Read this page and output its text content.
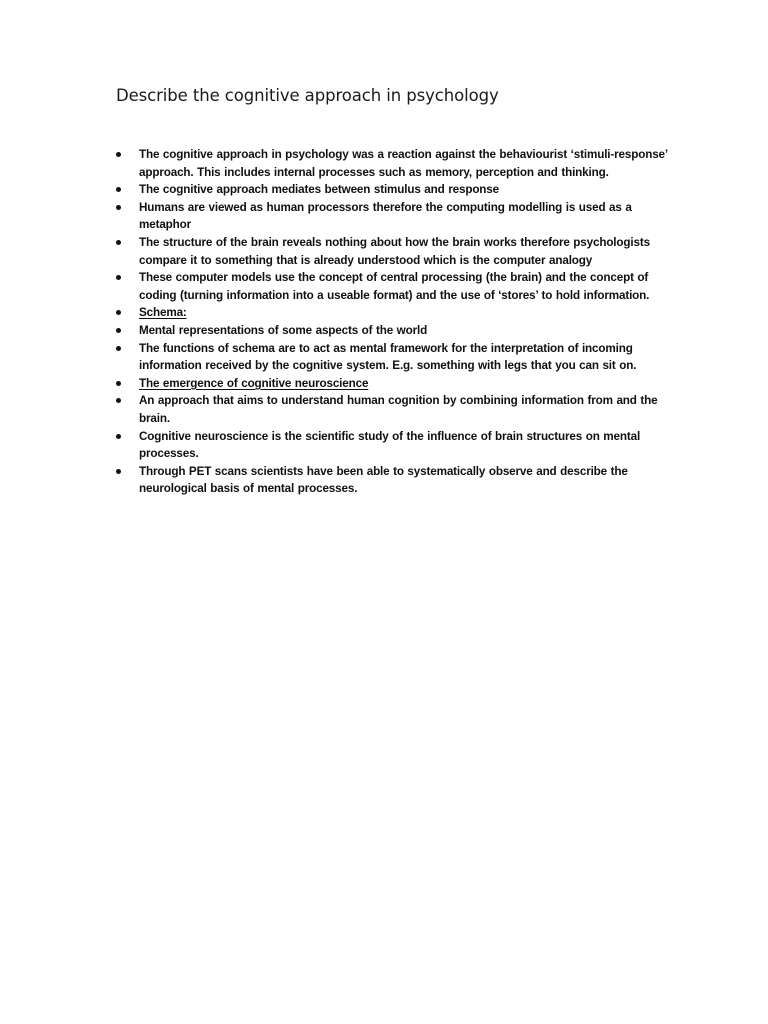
Describe the cognitive approach in psychology
The cognitive approach in psychology was a reaction against the behaviourist ‘stimuli-response’ approach. This includes internal processes such as memory, perception and thinking.
The cognitive approach mediates between stimulus and response
Humans are viewed as human processors therefore the computing modelling is used as a metaphor
The structure of the brain reveals nothing about how the brain works therefore psychologists compare it to something that is already understood which is the computer analogy
These computer models use the concept of central processing (the brain) and the concept of coding (turning information into a useable format) and the use of ‘stores’ to hold information.
Schema:
Mental representations of some aspects of the world
The functions of schema are to act as mental framework for the interpretation of incoming information received by the cognitive system. E.g. something with legs that you can sit on.
The emergence of cognitive neuroscience
An approach that aims to understand human cognition by combining information from and the brain.
Cognitive neuroscience is the scientific study of the influence of brain structures on mental processes.
Through PET scans scientists have been able to systematically observe and describe the neurological basis of mental processes.
